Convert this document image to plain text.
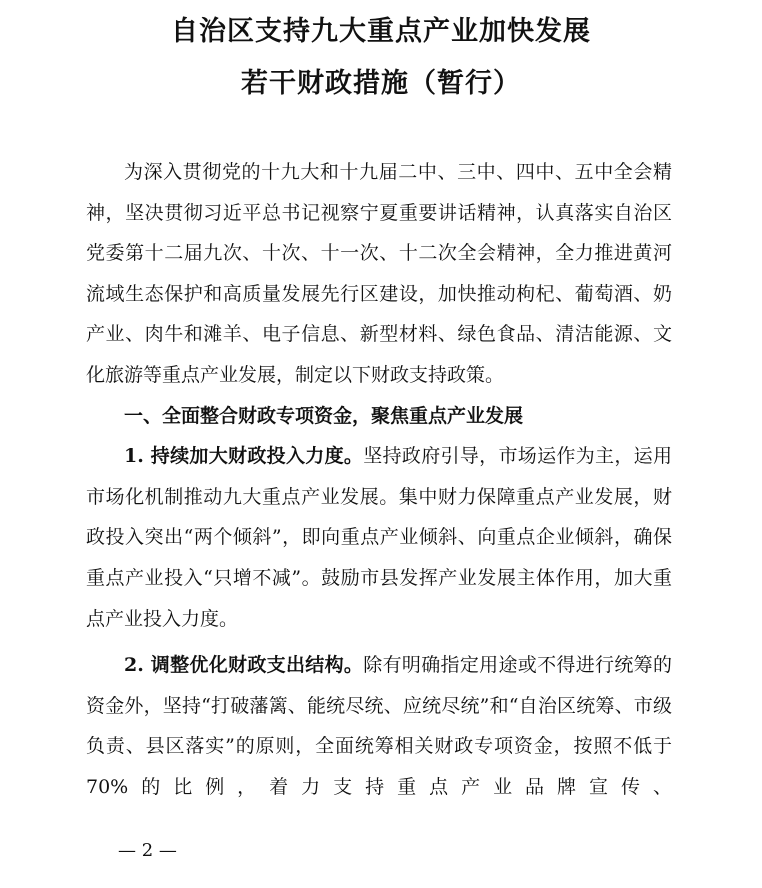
自治区支持九大重点产业加快发展
若干财政措施（暂行）

为深入贯彻党的十九大和十九届二中、三中、四中、五中全会精神，坚决贯彻习近平总书记视察宁夏重要讲话精神，认真落实自治区党委第十二届九次、十次、十一次、十二次全会精神，全力推进黄河流域生态保护和高质量发展先行区建设，加快推动枸杞、葡萄酒、奶产业、肉牛和滩羊、电子信息、新型材料、绿色食品、清洁能源、文化旅游等重点产业发展，制定以下财政支持政策。

一、全面整合财政专项资金，聚焦重点产业发展

1. 持续加大财政投入力度。坚持政府引导，市场运作为主，运用市场化机制推动九大重点产业发展。集中财力保障重点产业发展，财政投入突出“两个倾斜”，即向重点产业倾斜、向重点企业倾斜，确保重点产业投入“只增不减”。鼓励市县发挥产业发展主体作用，加大重点产业投入力度。

2. 调整优化财政支出结构。除有明确指定用途或不得进行统筹的资金外，坚持“打破藩篱、能统尽统、应统尽统”和“自治区统筹、市级负责、县区落实”的原则，全面统筹相关财政专项资金，按照不低于70%的比例，着力支持重点产业品牌宣传、

— 2 —
